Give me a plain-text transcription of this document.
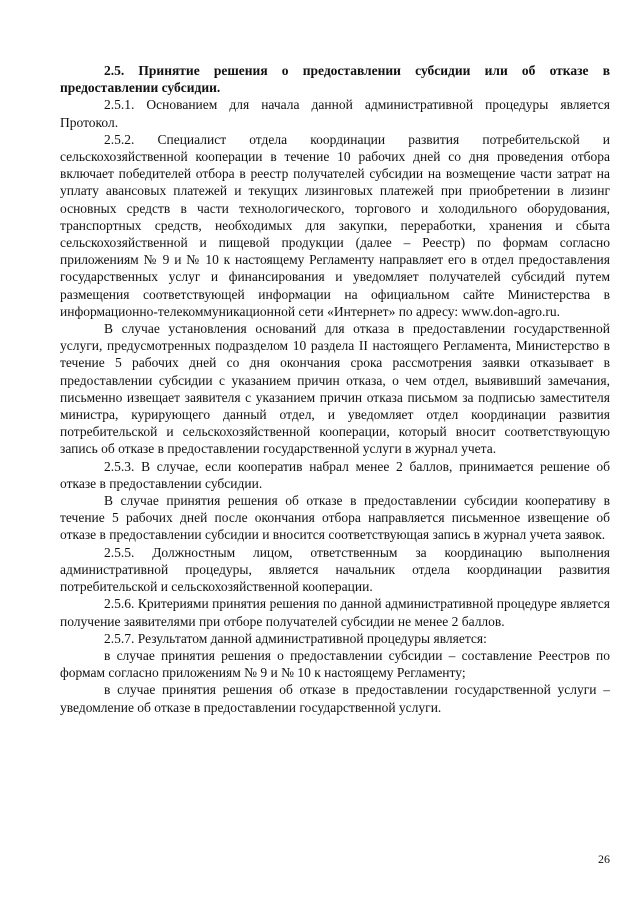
2.5. Принятие решения о предоставлении субсидии или об отказе в предоставлении субсидии.

2.5.1. Основанием для начала данной административной процедуры является Протокол.

2.5.2. Специалист отдела координации развития потребительской и сельскохозяйственной кооперации в течение 10 рабочих дней со дня проведения отбора включает победителей отбора в реестр получателей субсидии на возмещение части затрат на уплату авансовых платежей и текущих лизинговых платежей при приобретении в лизинг основных средств в части технологического, торгового и холодильного оборудования, транспортных средств, необходимых для закупки, переработки, хранения и сбыта сельскохозяйственной и пищевой продукции (далее – Реестр) по формам согласно приложениям № 9 и № 10 к настоящему Регламенту направляет его в отдел предоставления государственных услуг и финансирования и уведомляет получателей субсидий путем размещения соответствующей информации на официальном сайте Министерства в информационно-телекоммуникационной сети «Интернет» по адресу: www.don-agro.ru.

В случае установления оснований для отказа в предоставлении государственной услуги, предусмотренных подразделом 10 раздела II настоящего Регламента, Министерство в течение 5 рабочих дней со дня окончания срока рассмотрения заявки отказывает в предоставлении субсидии с указанием причин отказа, о чем отдел, выявивший замечания, письменно извещает заявителя с указанием причин отказа письмом за подписью заместителя министра, курирующего данный отдел, и уведомляет отдел координации развития потребительской и сельскохозяйственной кооперации, который вносит соответствующую запись об отказе в предоставлении государственной услуги в журнал учета.

2.5.3. В случае, если кооператив набрал менее 2 баллов, принимается решение об отказе в предоставлении субсидии.

В случае принятия решения об отказе в предоставлении субсидии кооперативу в течение 5 рабочих дней после окончания отбора направляется письменное извещение об отказе в предоставлении субсидии и вносится соответствующая запись в журнал учета заявок.

2.5.5. Должностным лицом, ответственным за координацию выполнения административной процедуры, является начальник отдела координации развития потребительской и сельскохозяйственной кооперации.

2.5.6. Критериями принятия решения по данной административной процедуре является получение заявителями при отборе получателей субсидии не менее 2 баллов.

2.5.7. Результатом данной административной процедуры является:

в случае принятия решения о предоставлении субсидии – составление Реестров по формам согласно приложениям № 9 и № 10 к настоящему Регламенту;

в случае принятия решения об отказе в предоставлении государственной услуги – уведомление об отказе в предоставлении государственной услуги.

26
